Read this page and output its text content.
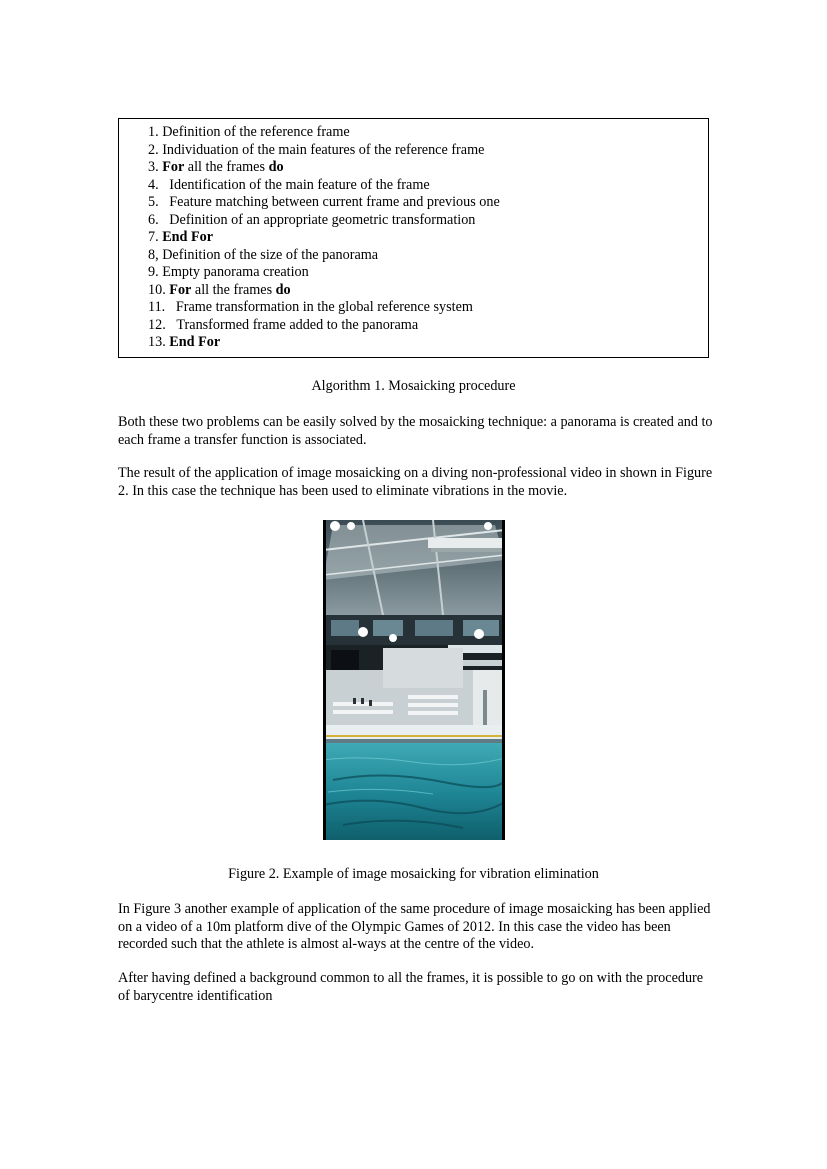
1. Definition of the reference frame
2. Individuation of the main features of the reference frame
3. For all the frames do
4. Identification of the main feature of the frame
5. Feature matching between current frame and previous one
6. Definition of an appropriate geometric transformation
7. End For
8, Definition of the size of the panorama
9. Empty panorama creation
10. For all the frames do
11. Frame transformation in the global reference system
12. Transformed frame added to the panorama
13. End For
Algorithm 1. Mosaicking procedure
Both these two problems can be easily solved by the mosaicking technique: a panorama is created and to each frame a transfer function is associated.
The result of the application of image mosaicking on a diving non-professional video in shown in Figure 2. In this case the technique has been used to eliminate vibrations in the movie.
Figure 2. Example of image mosaicking for vibration elimination
In Figure 3 another example of application of the same procedure of image mosaicking has been applied on a video of a 10m platform dive of the Olympic Games of 2012. In this case the video has been recorded such that the athlete is almost al-ways at the centre of the video.
After having defined a background common to all the frames, it is possible to go on with the procedure of barycentre identification
